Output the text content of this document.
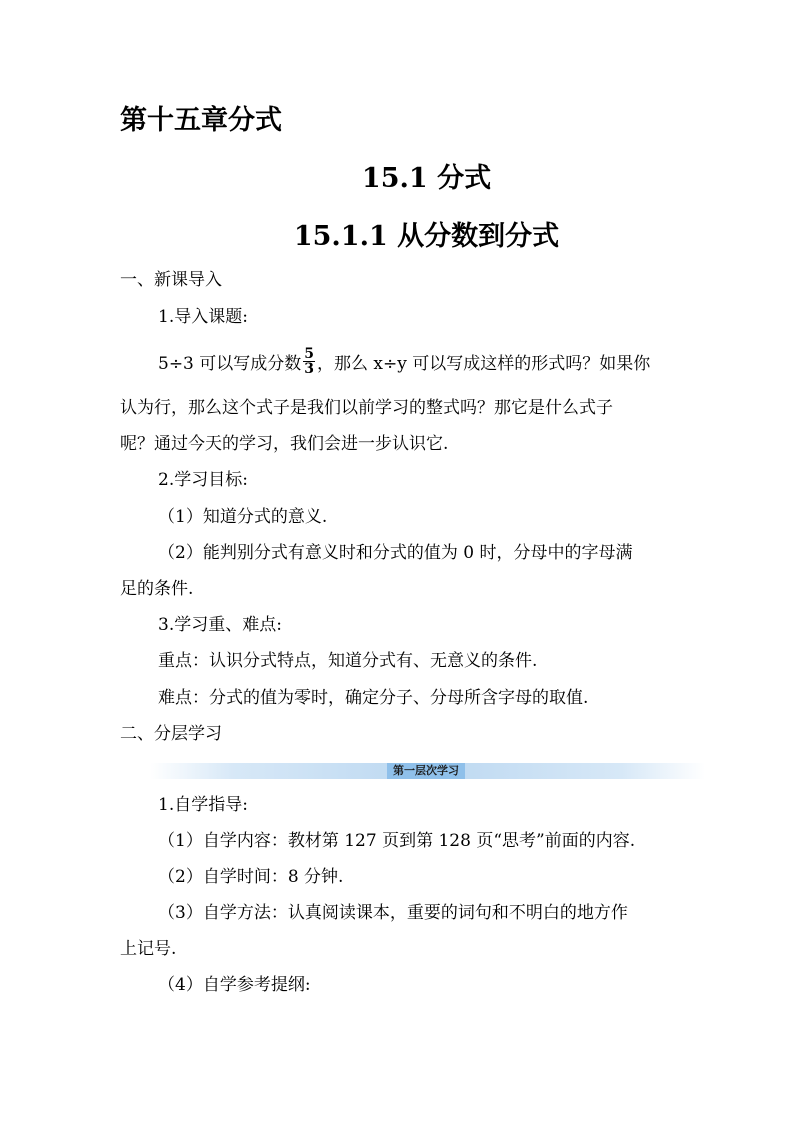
第十五章分式
15.1 分式
15.1.1 从分数到分式
一、新课导入
1.导入课题:
5÷3 可以写成分数 $\frac{5}{3}$ ，那么 x÷y 可以写成这样的形式吗？如果你
认为行，那么这个式子是我们以前学习的整式吗？那它是什么式子
呢？通过今天的学习，我们会进一步认识它.
2.学习目标:
（1）知道分式的意义.
（2）能判别分式有意义时和分式的值为 0 时，分母中的字母满
足的条件.
3.学习重、难点:
重点：认识分式特点，知道分式有、无意义的条件.
难点：分式的值为零时，确定分子、分母所含字母的取值.
二、分层学习
第一层次学习
1.自学指导:
（1）自学内容：教材第 127 页到第 128 页“思考”前面的内容.
（2）自学时间：8 分钟.
（3）自学方法：认真阅读课本，重要的词句和不明白的地方作
上记号.
（4）自学参考提纲:
